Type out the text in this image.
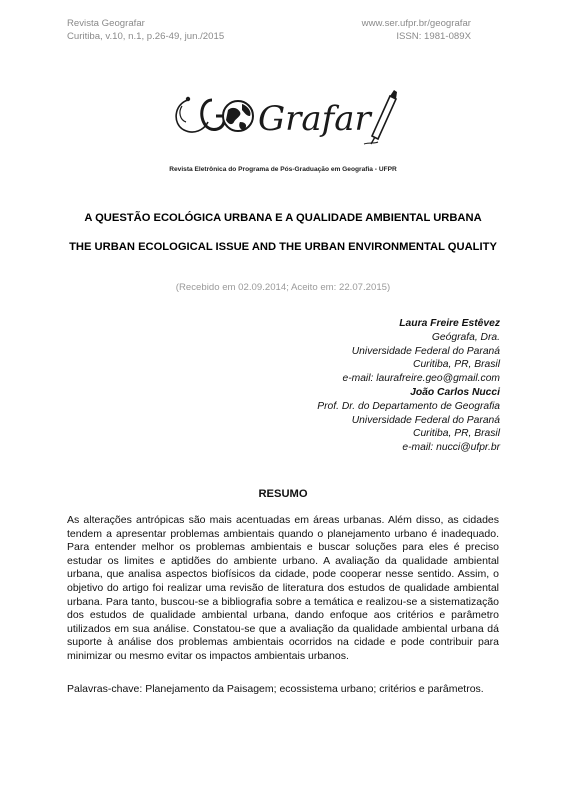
Revista Geografar
Curitiba, v.10, n.1, p.26-49, jun./2015
www.ser.ufpr.br/geografar
ISSN: 1981-089X
Grafar
Revista Eletrônica do Programa de Pós-Graduação em Geografia - UFPR
A QUESTÃO ECOLÓGICA URBANA E A QUALIDADE AMBIENTAL URBANA
THE URBAN ECOLOGICAL ISSUE AND THE URBAN ENVIRONMENTAL QUALITY
(Recebido em 02.09.2014; Aceito em: 22.07.2015)
Laura Freire Estêvez
Geógrafa, Dra.
Universidade Federal do Paraná
Curitiba, PR, Brasil
e-mail: laurafreire.geo@gmail.com
João Carlos Nucci
Prof. Dr. do Departamento de Geografia
Universidade Federal do Paraná
Curitiba, PR, Brasil
e-mail: nucci@ufpr.br
RESUMO

As alterações antrópicas são mais acentuadas em áreas urbanas. Além disso, as cidades tendem a apresentar problemas ambientais quando o planejamento urbano é inadequado. Para entender melhor os problemas ambientais e buscar soluções para eles é preciso estudar os limites e aptidões do ambiente urbano. A avaliação da qualidade ambiental urbana, que analisa aspectos biofísicos da cidade, pode cooperar nesse sentido. Assim, o objetivo do artigo foi realizar uma revisão de literatura dos estudos de qualidade ambiental urbana. Para tanto, buscou-se a bibliografia sobre a temática e realizou-se a sistematização dos estudos de qualidade ambiental urbana, dando enfoque aos critérios e parâmetro utilizados em sua análise. Constatou-se que a avaliação da qualidade ambiental urbana dá suporte à análise dos problemas ambientais ocorridos na cidade e pode contribuir para minimizar ou mesmo evitar os impactos ambientais urbanos.

Palavras-chave: Planejamento da Paisagem; ecossistema urbano; critérios e parâmetros.
